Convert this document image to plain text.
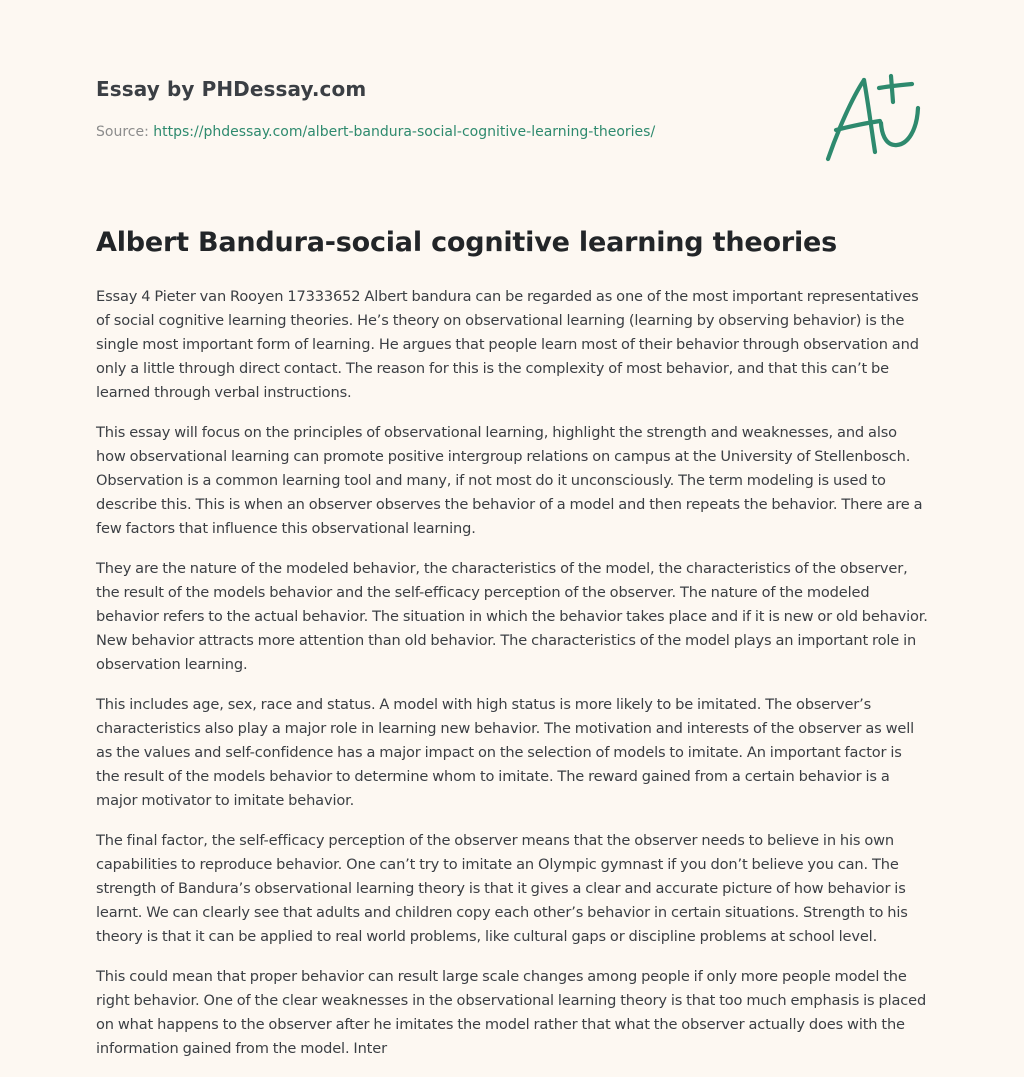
Essay by PHDessay.com
Source: https://phdessay.com/albert-bandura-social-cognitive-learning-theories/
Albert Bandura-social cognitive learning theories

Essay 4 Pieter van Rooyen 17333652 Albert bandura can be regarded as one of the most important representatives of social cognitive learning theories. He’s theory on observational learning (learning by observing behavior) is the single most important form of learning. He argues that people learn most of their behavior through observation and only a little through direct contact. The reason for this is the complexity of most behavior, and that this can’t be learned through verbal instructions.

This essay will focus on the principles of observational learning, highlight the strength and weaknesses, and also how observational learning can promote positive intergroup relations on campus at the University of Stellenbosch. Observation is a common learning tool and many, if not most do it unconsciously. The term modeling is used to describe this. This is when an observer observes the behavior of a model and then repeats the behavior. There are a few factors that influence this observational learning.

They are the nature of the modeled behavior, the characteristics of the model, the characteristics of the observer, the result of the models behavior and the self-efficacy perception of the observer. The nature of the modeled behavior refers to the actual behavior. The situation in which the behavior takes place and if it is new or old behavior. New behavior attracts more attention than old behavior. The characteristics of the model plays an important role in observation learning.

This includes age, sex, race and status. A model with high status is more likely to be imitated. The observer’s characteristics also play a major role in learning new behavior. The motivation and interests of the observer as well as the values and self-confidence has a major impact on the selection of models to imitate. An important factor is the result of the models behavior to determine whom to imitate. The reward gained from a certain behavior is a major motivator to imitate behavior.

The final factor, the self-efficacy perception of the observer means that the observer needs to believe in his own capabilities to reproduce behavior. One can’t try to imitate an Olympic gymnast if you don’t believe you can. The strength of Bandura’s observational learning theory is that it gives a clear and accurate picture of how behavior is learnt. We can clearly see that adults and children copy each other’s behavior in certain situations. Strength to his theory is that it can be applied to real world problems, like cultural gaps or discipline problems at school level.

This could mean that proper behavior can result large scale changes among people if only more people model the right behavior. One of the clear weaknesses in the observational learning theory is that too much emphasis is placed on what happens to the observer after he imitates the model rather that what the observer actually does with the information gained from the model. Inter
